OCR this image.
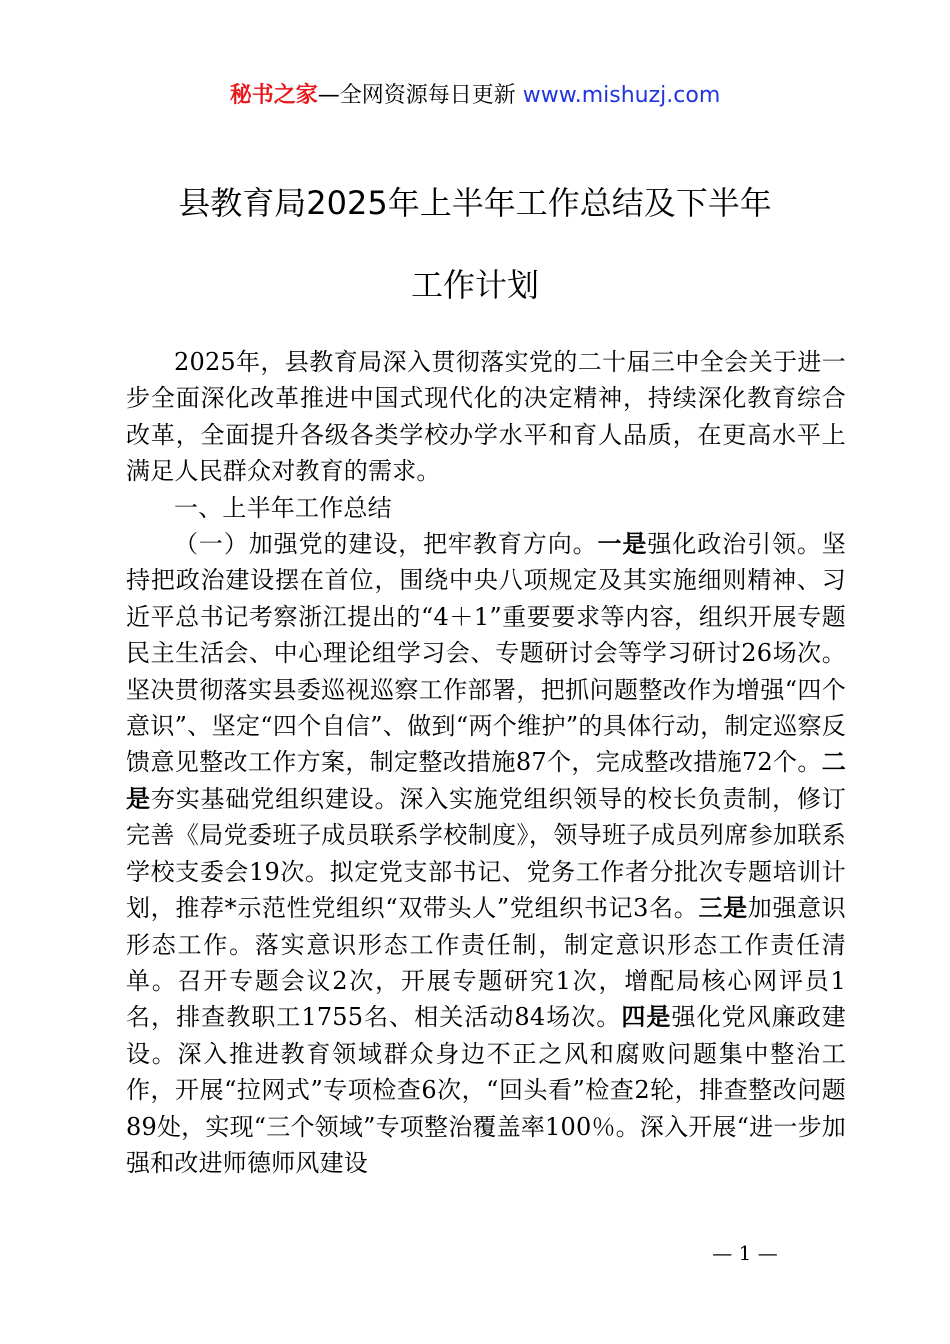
秘书之家—全网资源每日更新 www.mishuzj.com
县教育局2025年上半年工作总结及下半年
工作计划

2025年，县教育局深入贯彻落实党的二十届三中全会关于进一步全面深化改革推进中国式现代化的决定精神，持续深化教育综合改革，全面提升各级各类学校办学水平和育人品质，在更高水平上满足人民群众对教育的需求。

一、上半年工作总结

（一）加强党的建设，把牢教育方向。一是强化政治引领。坚持把政治建设摆在首位，围绕中央八项规定及其实施细则精神、习近平总书记考察浙江提出的“4＋1”重要要求等内容，组织开展专题民主生活会、中心理论组学习会、专题研讨会等学习研讨26场次。坚决贯彻落实县委巡视巡察工作部署，把抓问题整改作为增强“四个意识”、坚定“四个自信”、做到“两个维护”的具体行动，制定巡察反馈意见整改工作方案，制定整改措施87个，完成整改措施72个。二是夯实基础党组织建设。深入实施党组织领导的校长负责制，修订完善《局党委班子成员联系学校制度》，领导班子成员列席参加联系学校支委会19次。拟定党支部书记、党务工作者分批次专题培训计划，推荐*示范性党组织“双带头人”党组织书记3名。三是加强意识形态工作。落实意识形态工作责任制，制定意识形态工作责任清单。召开专题会议2次，开展专题研究1次，增配局核心网评员1名，排查教职工1755名、相关活动84场次。四是强化党风廉政建设。深入推进教育领域群众身边不正之风和腐败问题集中整治工作，开展“拉网式”专项检查6次，“回头看”检查2轮，排查整改问题89处，实现“三个领域”专项整治覆盖率100％。深入开展“进一步加强和改进师德师风建设

— 1 —
